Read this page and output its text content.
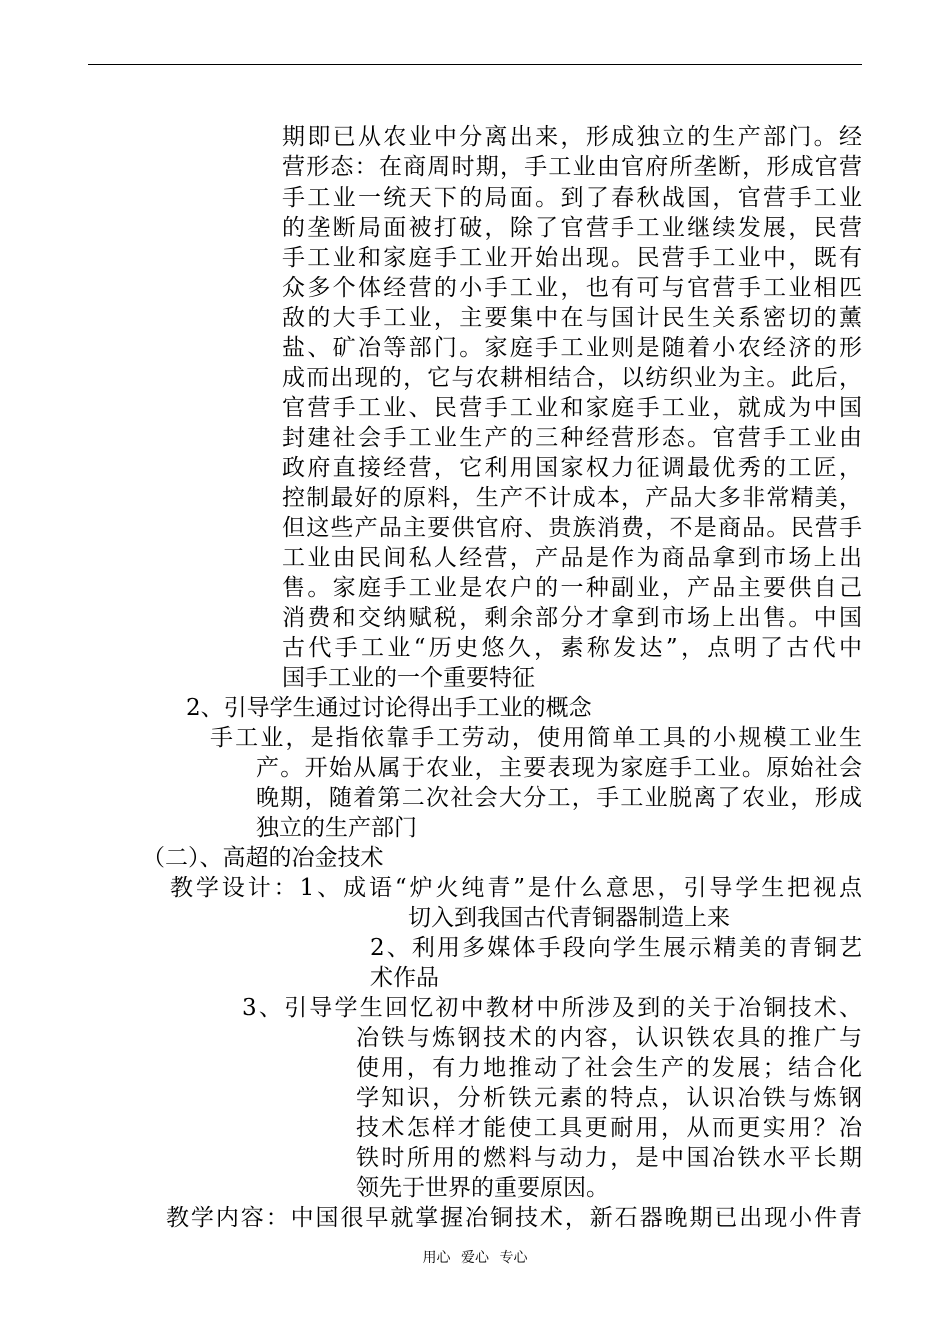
期即已从农业中分离出来，形成独立的生产部门。经
营形态：在商周时期，手工业由官府所垄断，形成官营
手工业一统天下的局面。到了春秋战国，官营手工业
的垄断局面被打破，除了官营手工业继续发展，民营
手工业和家庭手工业开始出现。民营手工业中，既有
众多个体经营的小手工业，也有可与官营手工业相匹
敌的大手工业，主要集中在与国计民生关系密切的薰
盐、矿冶等部门。家庭手工业则是随着小农经济的形
成而出现的，它与农耕相结合，以纺织业为主。此后，
官营手工业、民营手工业和家庭手工业，就成为中国
封建社会手工业生产的三种经营形态。官营手工业由
政府直接经营，它利用国家权力征调最优秀的工匠，
控制最好的原料，生产不计成本，产品大多非常精美，
但这些产品主要供官府、贵族消费，不是商品。民营手
工业由民间私人经营，产品是作为商品拿到市场上出
售。家庭手工业是农户的一种副业，产品主要供自己
消费和交纳赋税，剩余部分才拿到市场上出售。中国
古代手工业“历史悠久，素称发达”，点明了古代中
国手工业的一个重要特征
2、引导学生通过讨论得出手工业的概念
手工业，是指依靠手工劳动，使用简单工具的小规模工业生
产。开始从属于农业，主要表现为家庭手工业。原始社会
晚期，随着第二次社会大分工，手工业脱离了农业，形成
独立的生产部门
（二）、高超的冶金技术
教学设计：1、成语“炉火纯青”是什么意思，引导学生把视点
切入到我国古代青铜器制造上来
2、利用多媒体手段向学生展示精美的青铜艺
术作品
3、引导学生回忆初中教材中所涉及到的关于冶铜技术、
冶铁与炼钢技术的内容，认识铁农具的推广与
使用，有力地推动了社会生产的发展；结合化
学知识，分析铁元素的特点，认识冶铁与炼钢
技术怎样才能使工具更耐用，从而更实用？冶
铁时所用的燃料与动力，是中国冶铁水平长期
领先于世界的重要原因。
教学内容：中国很早就掌握冶铜技术，新石器晚期已出现小件青
用心 爱心 专心
